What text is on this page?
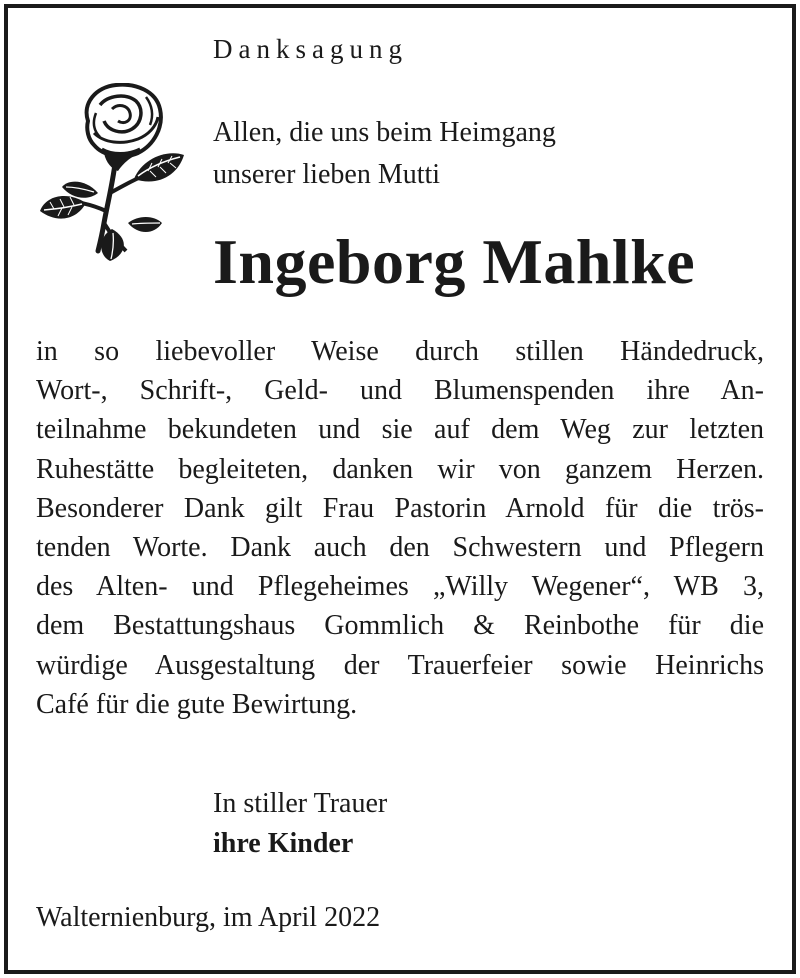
Danksagung
Allen, die uns beim Heimgang
unserer lieben Mutti
Ingeborg Mahlke
in so liebevoller Weise durch stillen Händedruck,
Wort-, Schrift-, Geld- und Blumenspenden ihre An-
teilnahme bekundeten und sie auf dem Weg zur letzten
Ruhestätte begleiteten, danken wir von ganzem Herzen.
Besonderer Dank gilt Frau Pastorin Arnold für die trös-
tenden Worte. Dank auch den Schwestern und Pflegern
des Alten- und Pflegeheimes „Willy Wegener“, WB 3,
dem Bestattungshaus Gommlich & Reinbothe für die
würdige Ausgestaltung der Trauerfeier sowie Heinrichs
Café für die gute Bewirtung.
In stiller Trauer
ihre Kinder
Walternienburg, im April 2022
